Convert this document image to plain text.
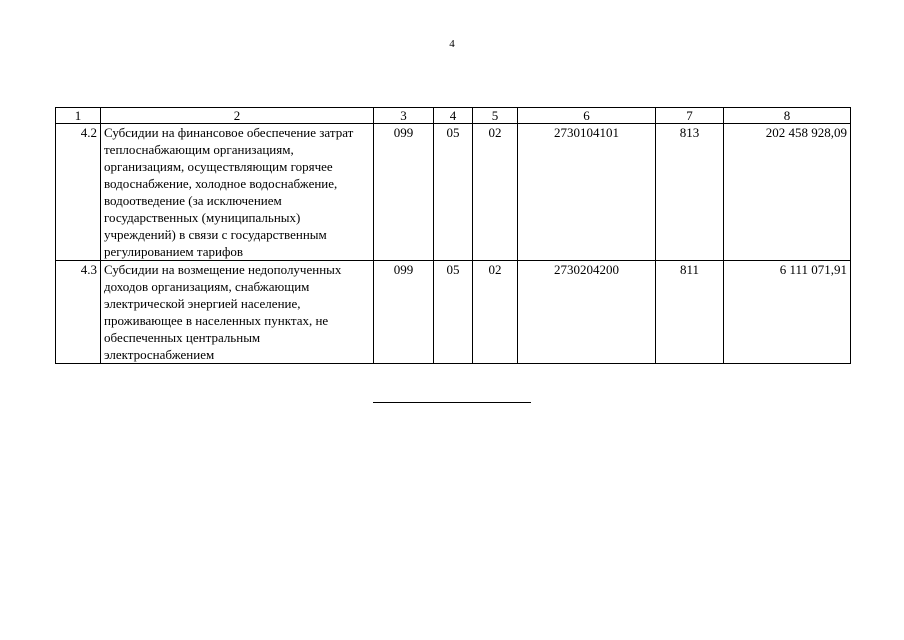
4
1	2	3	4	5	6	7	8
4.2	Субсидии на финансовое обеспечение затрат теплоснабжающим организациям, организациям, осуществляющим горячее водоснабжение, холодное водоснабжение, водоотведение (за исключением государственных (муниципальных) учреждений) в связи с государственным регулированием тарифов	099	05	02	2730104101	813	202 458 928,09
4.3	Субсидии на возмещение недополученных доходов организациям, снабжающим электрической энергией население, проживающее в населенных пунктах, не обеспеченных центральным электроснабжением	099	05	02	2730204200	811	6 111 071,91
